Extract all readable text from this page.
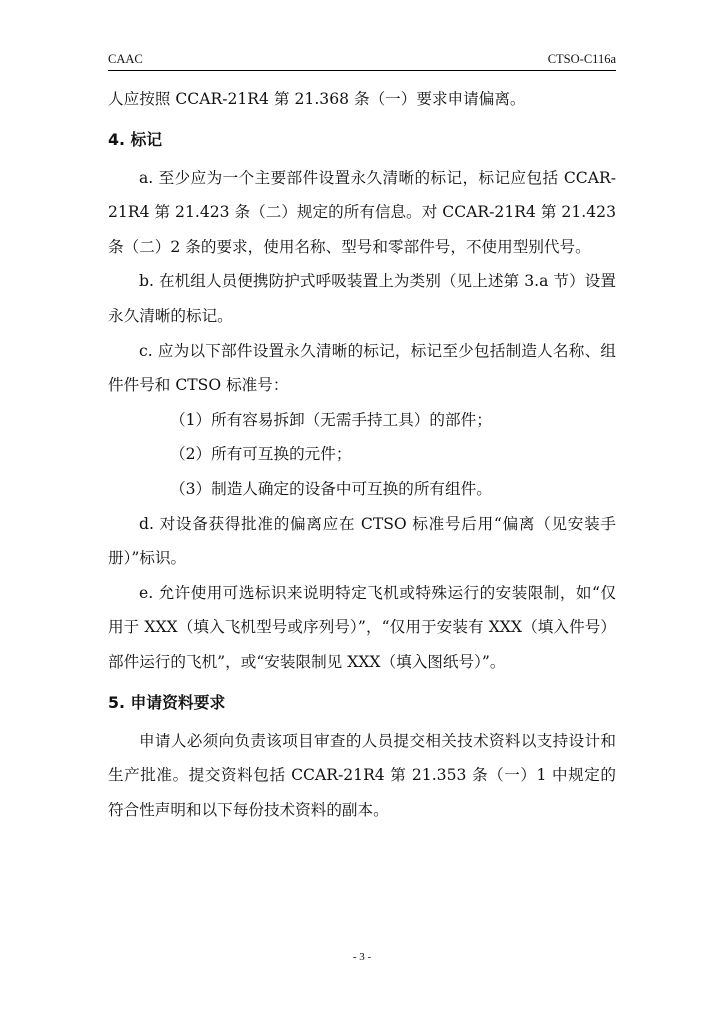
CAAC	CTSO-C116a

人应按照 CCAR-21R4 第 21.368 条（一）要求申请偏离。

4. 标记

a. 至少应为一个主要部件设置永久清晰的标记，标记应包括 CCAR-21R4 第 21.423 条（二）规定的所有信息。对 CCAR-21R4 第 21.423 条（二）2 条的要求，使用名称、型号和零部件号，不使用型别代号。

b. 在机组人员便携防护式呼吸装置上为类别（见上述第 3.a 节）设置永久清晰的标记。

c. 应为以下部件设置永久清晰的标记，标记至少包括制造人名称、组件件号和 CTSO 标准号：

（1）所有容易拆卸（无需手持工具）的部件；

（2）所有可互换的元件；

（3）制造人确定的设备中可互换的所有组件。

d. 对设备获得批准的偏离应在 CTSO 标准号后用“偏离（见安装手册）”标识。

e. 允许使用可选标识来说明特定飞机或特殊运行的安装限制，如“仅用于 XXX（填入飞机型号或序列号）”，“仅用于安装有 XXX（填入件号）部件运行的飞机”，或“安装限制见 XXX（填入图纸号）”。

5. 申请资料要求

申请人必须向负责该项目审查的人员提交相关技术资料以支持设计和生产批准。提交资料包括 CCAR-21R4 第 21.353 条（一）1 中规定的符合性声明和以下每份技术资料的副本。

- 3 -
